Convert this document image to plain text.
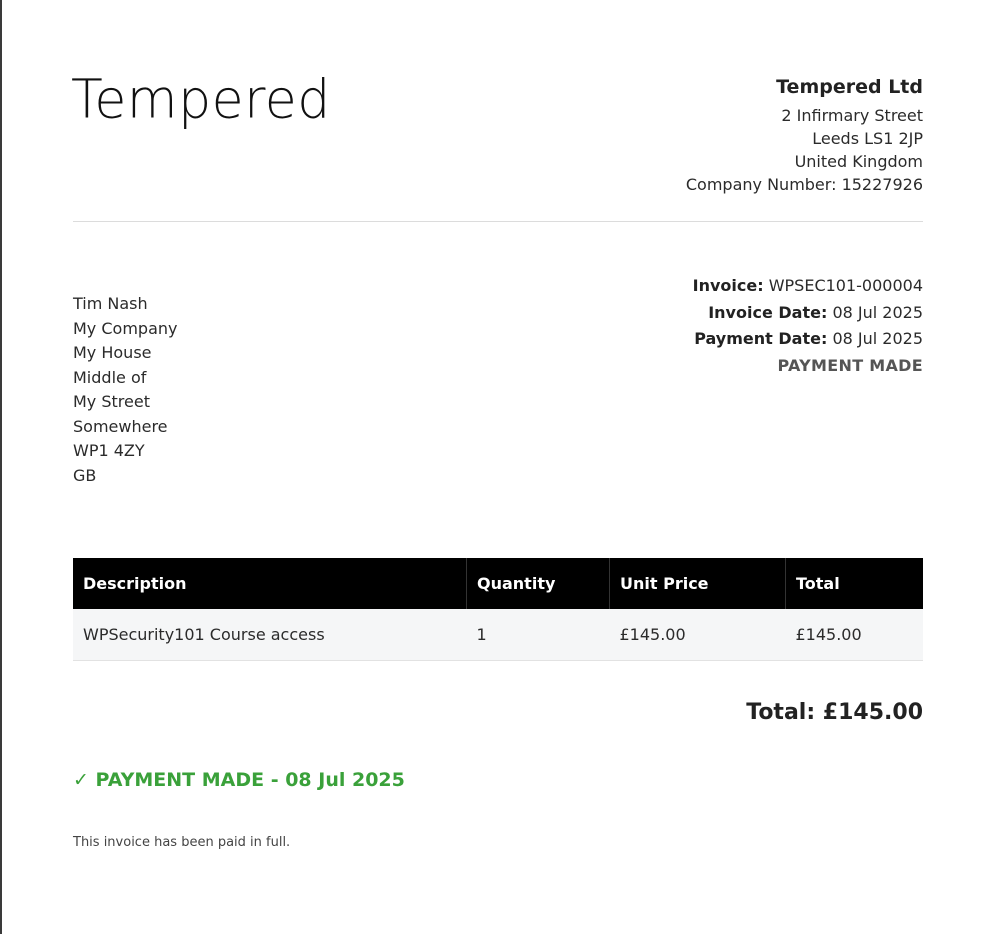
Tempered	Tempered Ltd
2 Infirmary Street
Leeds LS1 2JP
United Kingdom
Company Number: 15227926
Tim Nash
My Company
My House
Middle of
My Street
Somewhere
WP1 4ZY
GB
Invoice: WPSEC101-000004
Invoice Date: 08 Jul 2025
Payment Date: 08 Jul 2025
PAYMENT MADE
Description	Quantity	Unit Price	Total
WPSecurity101 Course access	1	£145.00	£145.00
Total: £145.00
✓ PAYMENT MADE - 08 Jul 2025
This invoice has been paid in full.
